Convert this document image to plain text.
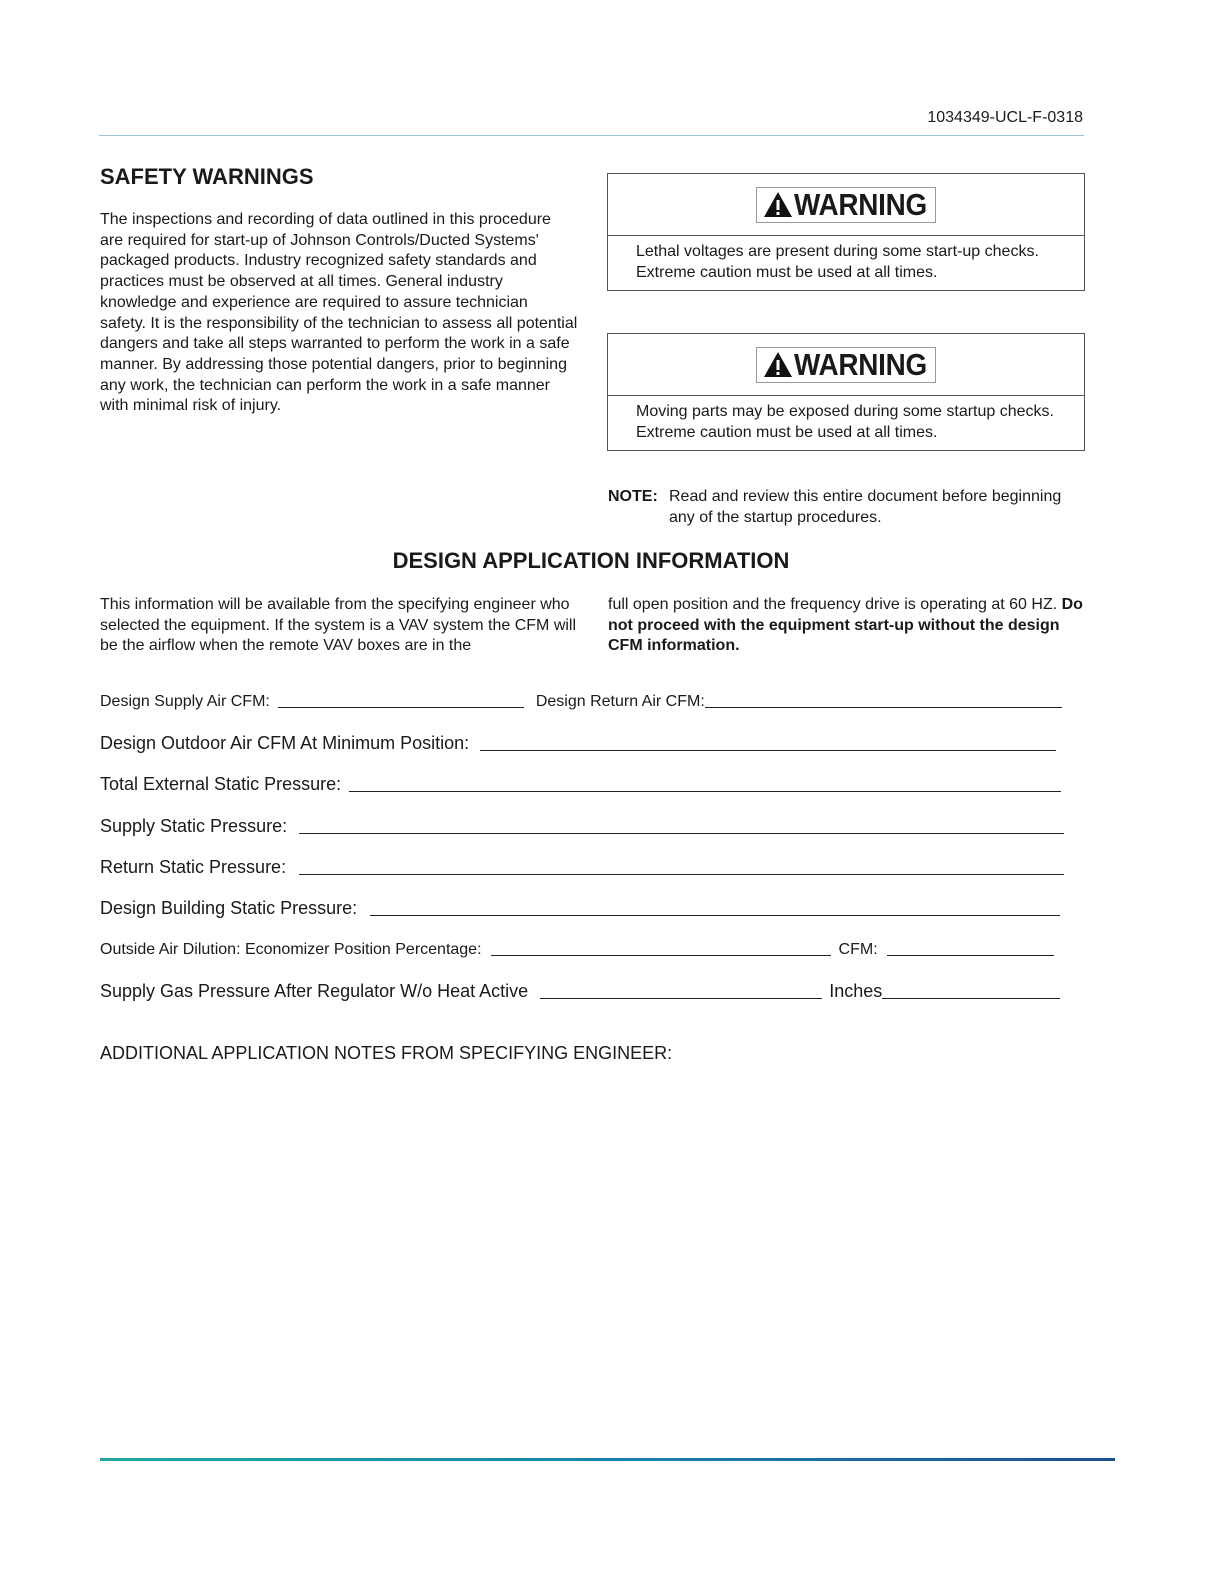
1034349-UCL-F-0318
SAFETY WARNINGS
The inspections and recording of data outlined in this procedure are required for start-up of Johnson Controls/Ducted Systems' packaged products. Industry recognized safety standards and practices must be observed at all times. General industry knowledge and experience are required to assure technician safety. It is the responsibility of the technician to assess all potential dangers and take all steps warranted to perform the work in a safe manner. By addressing those potential dangers, prior to beginning any work, the technician can perform the work in a safe manner with minimal risk of injury.
WARNING
Lethal voltages are present during some start-up checks. Extreme caution must be used at all times.
WARNING
Moving parts may be exposed during some startup checks. Extreme caution must be used at all times.
NOTE: Read and review this entire document before beginning any of the startup procedures.
DESIGN APPLICATION INFORMATION
This information will be available from the specifying engineer who selected the equipment. If the system is a VAV system the CFM will be the airflow when the remote VAV boxes are in the
full open position and the frequency drive is operating at 60 HZ. Do not proceed with the equipment start-up without the design CFM information.
Design Supply Air CFM:	Design Return Air CFM:
Design Outdoor Air CFM At Minimum Position:
Total External Static Pressure:
Supply Static Pressure:
Return Static Pressure:
Design Building Static Pressure:
Outside Air Dilution: Economizer Position Percentage:	CFM:
Supply Gas Pressure After Regulator W/o Heat Active	Inches
ADDITIONAL APPLICATION NOTES FROM SPECIFYING ENGINEER:
